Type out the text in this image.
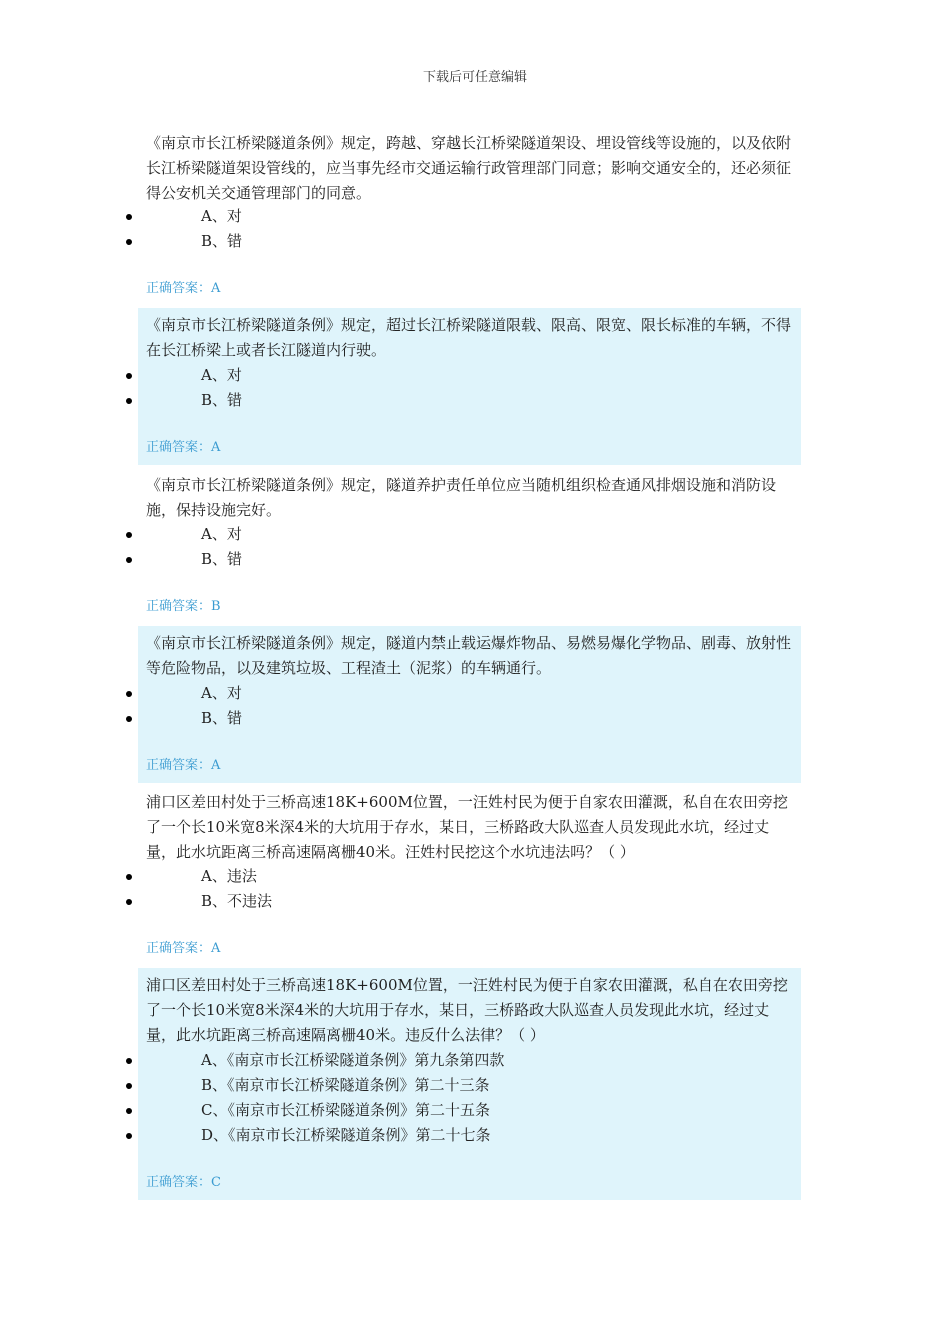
下载后可任意编辑

《南京市长江桥梁隧道条例》规定，跨越、穿越长江桥梁隧道架设、埋设管线等设施的，以及依附长江桥梁隧道架设管线的，应当事先经市交通运输行政管理部门同意；影响交通安全的，还必须征得公安机关交通管理部门的同意。

A、对
B、错
正确答案：A

《南京市长江桥梁隧道条例》规定，超过长江桥梁隧道限载、限高、限宽、限长标准的车辆，不得在长江桥梁上或者长江隧道内行驶。

A、对
B、错
正确答案：A

《南京市长江桥梁隧道条例》规定，隧道养护责任单位应当随机组织检查通风排烟设施和消防设施，保持设施完好。

A、对
B、错
正确答案：B

《南京市长江桥梁隧道条例》规定，隧道内禁止载运爆炸物品、易燃易爆化学物品、剧毒、放射性等危险物品，以及建筑垃圾、工程渣土（泥浆）的车辆通行。

A、对
B、错
正确答案：A

浦口区差田村处于三桥高速18K+600M位置，一汪姓村民为便于自家农田灌溉，私自在农田旁挖了一个长10米宽8米深4米的大坑用于存水，某日，三桥路政大队巡查人员发现此水坑，经过丈量，此水坑距离三桥高速隔离栅40米。汪姓村民挖这个水坑违法吗？（ ）

A、违法
B、不违法
正确答案：A

浦口区差田村处于三桥高速18K+600M位置，一汪姓村民为便于自家农田灌溉，私自在农田旁挖了一个长10米宽8米深4米的大坑用于存水，某日，三桥路政大队巡查人员发现此水坑，经过丈量，此水坑距离三桥高速隔离栅40米。违反什么法律？（ ）

A、《南京市长江桥梁隧道条例》第九条第四款
B、《南京市长江桥梁隧道条例》第二十三条
C、《南京市长江桥梁隧道条例》第二十五条
D、《南京市长江桥梁隧道条例》第二十七条
正确答案：C
